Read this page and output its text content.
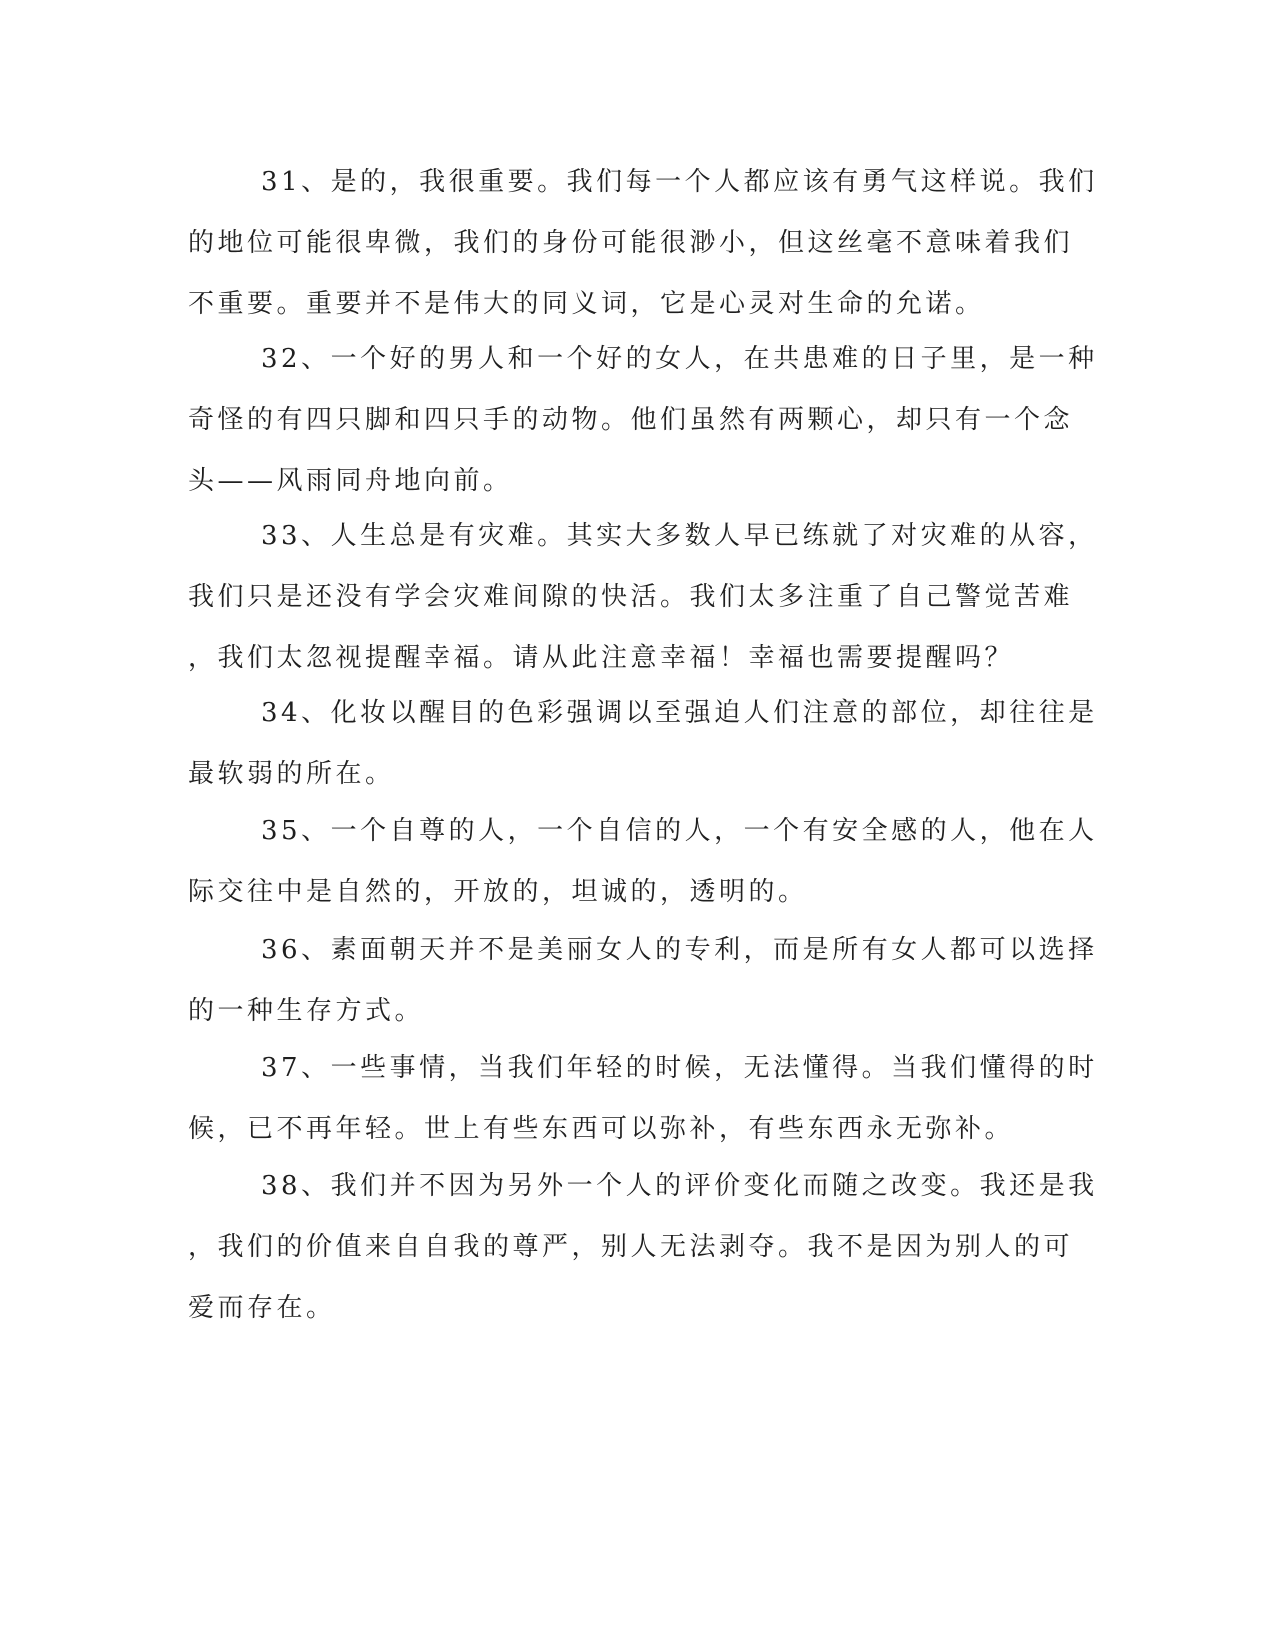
31、是的，我很重要。我们每一个人都应该有勇气这样说。我们
的地位可能很卑微，我们的身份可能很渺小，但这丝毫不意味着我们
不重要。重要并不是伟大的同义词，它是心灵对生命的允诺。
32、一个好的男人和一个好的女人，在共患难的日子里，是一种
奇怪的有四只脚和四只手的动物。他们虽然有两颗心，却只有一个念
头——风雨同舟地向前。
33、人生总是有灾难。其实大多数人早已练就了对灾难的从容，
我们只是还没有学会灾难间隙的快活。我们太多注重了自己警觉苦难
，我们太忽视提醒幸福。请从此注意幸福！幸福也需要提醒吗？
34、化妆以醒目的色彩强调以至强迫人们注意的部位，却往往是
最软弱的所在。
35、一个自尊的人，一个自信的人，一个有安全感的人，他在人
际交往中是自然的，开放的，坦诚的，透明的。
36、素面朝天并不是美丽女人的专利，而是所有女人都可以选择
的一种生存方式。
37、一些事情，当我们年轻的时候，无法懂得。当我们懂得的时
候，已不再年轻。世上有些东西可以弥补，有些东西永无弥补。
38、我们并不因为另外一个人的评价变化而随之改变。我还是我
，我们的价值来自自我的尊严，别人无法剥夺。我不是因为别人的可
爱而存在。
